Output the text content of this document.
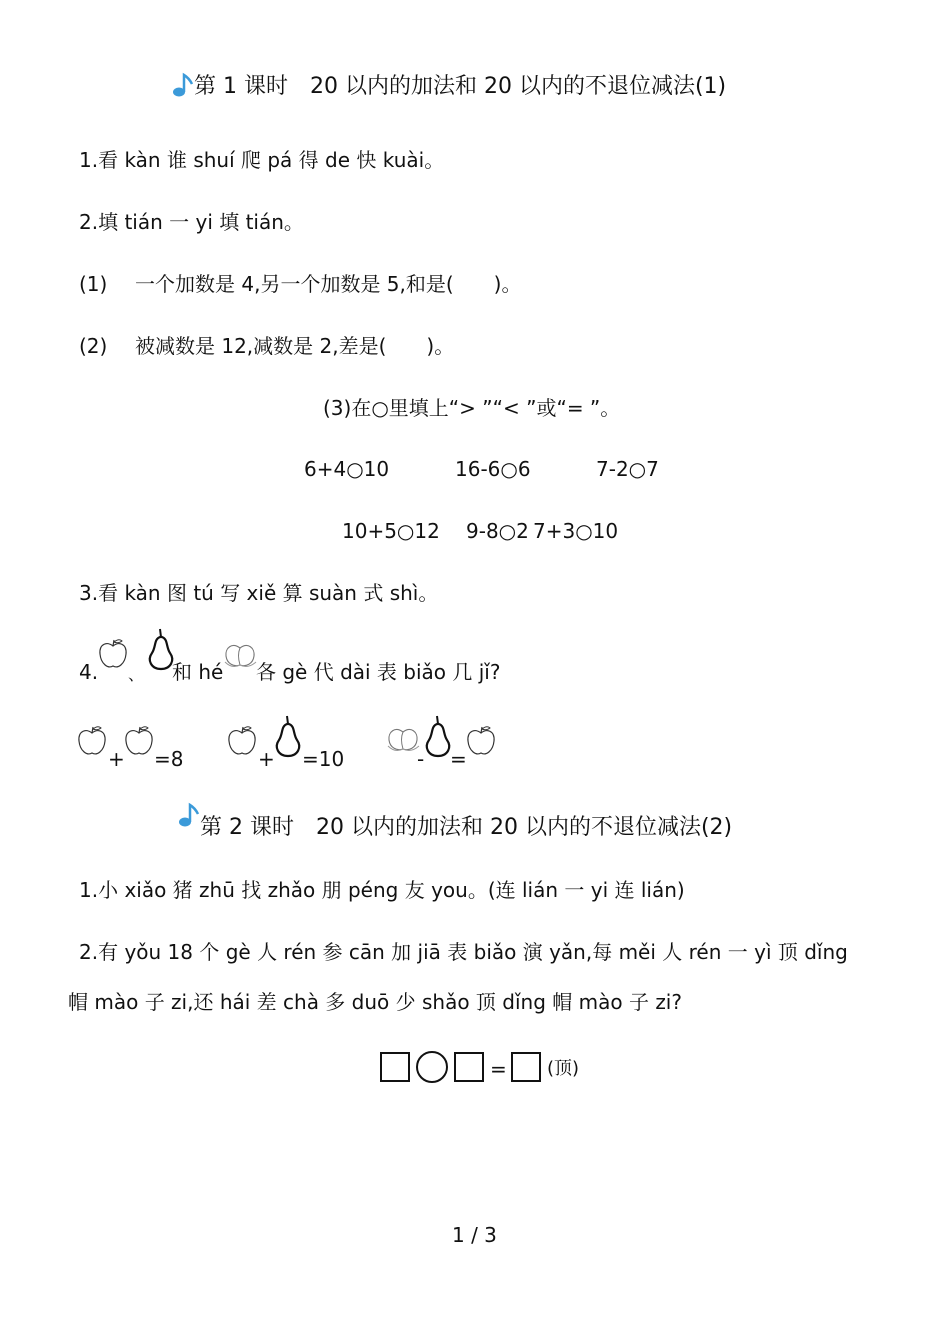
第 1 课时　20 以内的加法和 20 以内的不退位减法(1)
1.看 kàn 谁 shuí 爬 pá 得 de 快 kuài。
2.填 tián 一 yi 填 tián。
(1) 一个加数是 4,另一个加数是 5,和是(　　)。
(2) 被减数是 12,减数是 2,差是(　　)。
(3)在○里填上“> ”“< ”或“= ”。
6+4○10	16-6○6	7-2○7
10+5○12 9-8○2 7+3○10
3.看 kàn 图 tú 写 xiě 算 suàn 式 shì。
4. 、 和 hé 各 gè 代 dài 表 biǎo 几 jǐ?
+ =8	+ =10	- =
第 2 课时　20 以内的加法和 20 以内的不退位减法(2)
1.小 xiǎo 猪 zhū 找 zhǎo 朋 péng 友 you。(连 lián 一 yi 连 lián)
2.有 yǒu 18 个 gè 人 rén 参 cān 加 jiā 表 biǎo 演 yǎn,每 měi 人 rén 一 yì 顶 dǐng
帽 mào 子 zi,还 hái 差 chà 多 duō 少 shǎo 顶 dǐng 帽 mào 子 zi?
= (顶)
1 / 3
